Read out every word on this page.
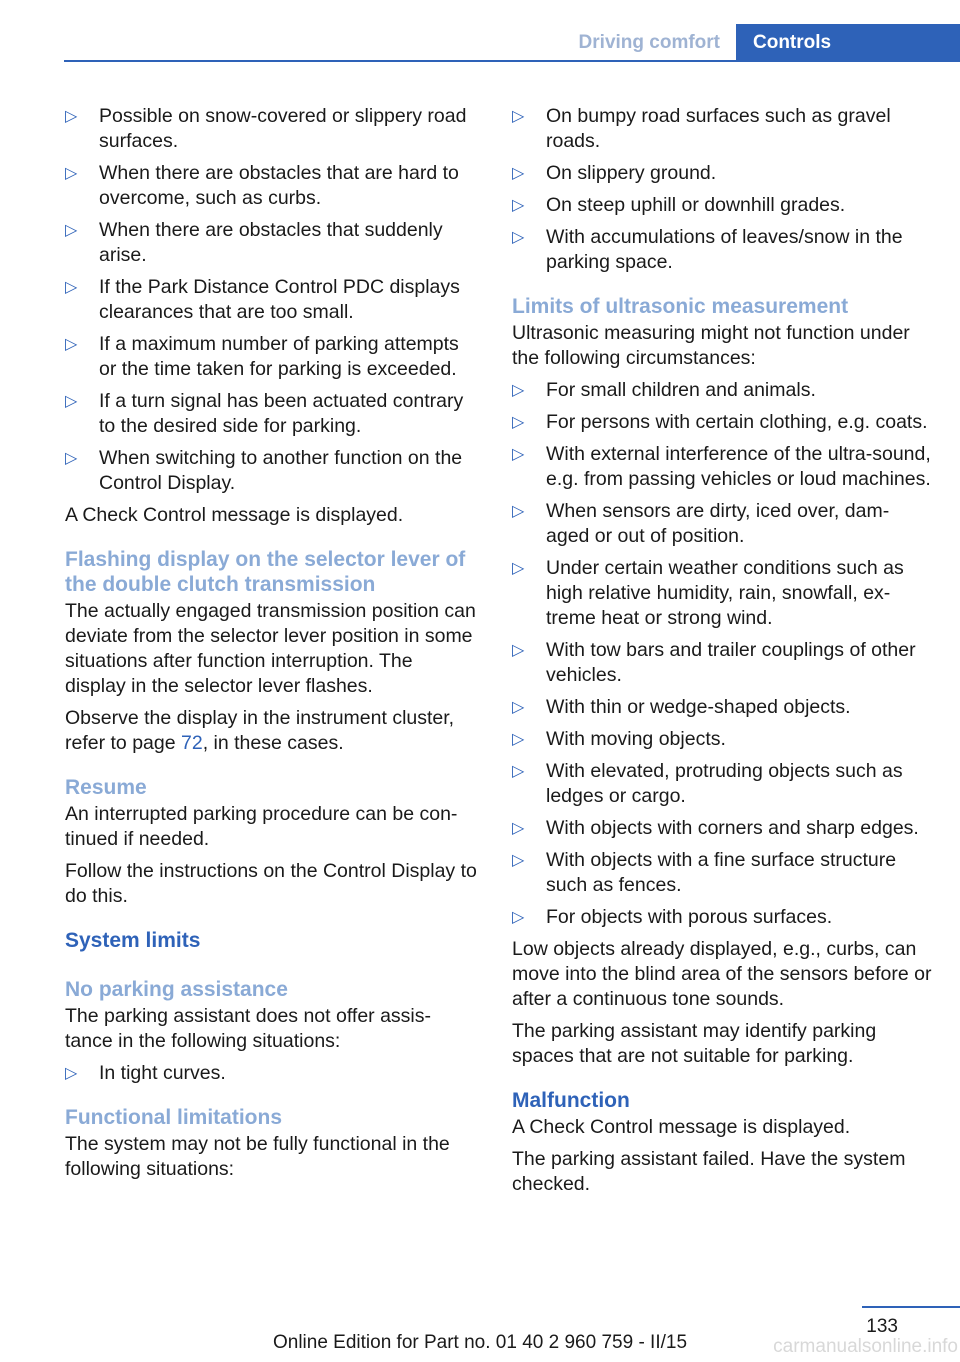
Driving comfort	Controls
▷ Possible on snow-covered or slippery road surfaces.
▷ When there are obstacles that are hard to overcome, such as curbs.
▷ When there are obstacles that suddenly arise.
▷ If the Park Distance Control PDC displays clearances that are too small.
▷ If a maximum number of parking attempts or the time taken for parking is exceeded.
▷ If a turn signal has been actuated contrary to the desired side for parking.
▷ When switching to another function on the Control Display.

A Check Control message is displayed.

Flashing display on the selector lever of the double clutch transmission

The actually engaged transmission position can deviate from the selector lever position in some situations after function interruption. The display in the selector lever flashes.

Observe the display in the instrument cluster, refer to page 72, in these cases.

Resume

An interrupted parking procedure can be con‐tinued if needed.

Follow the instructions on the Control Display to do this.

System limits
No parking assistance

The parking assistant does not offer assis‐tance in the following situations:

▷ In tight curves.
Functional limitations

The system may not be fully functional in the following situations:

▷ On bumpy road surfaces such as gravel roads.
▷ On slippery ground.
▷ On steep uphill or downhill grades.
▷ With accumulations of leaves/snow in the parking space.
Limits of ultrasonic measurement

Ultrasonic measuring might not function under the following circumstances:

▷ For small children and animals.
▷ For persons with certain clothing, e.g. coats.
▷ With external interference of the ultra‐sound, e.g. from passing vehicles or loud machines.
▷ When sensors are dirty, iced over, dam‐aged or out of position.
▷ Under certain weather conditions such as high relative humidity, rain, snowfall, ex‐treme heat or strong wind.
▷ With tow bars and trailer couplings of other vehicles.
▷ With thin or wedge-shaped objects.
▷ With moving objects.
▷ With elevated, protruding objects such as ledges or cargo.
▷ With objects with corners and sharp edges.
▷ With objects with a fine surface structure such as fences.
▷ For objects with porous surfaces.

Low objects already displayed, e.g., curbs, can move into the blind area of the sensors before or after a continuous tone sounds.

The parking assistant may identify parking spaces that are not suitable for parking.

Malfunction

A Check Control message is displayed.

The parking assistant failed. Have the system checked.

133
Online Edition for Part no. 01 40 2 960 759 - II/15	carmanualsonline.info
